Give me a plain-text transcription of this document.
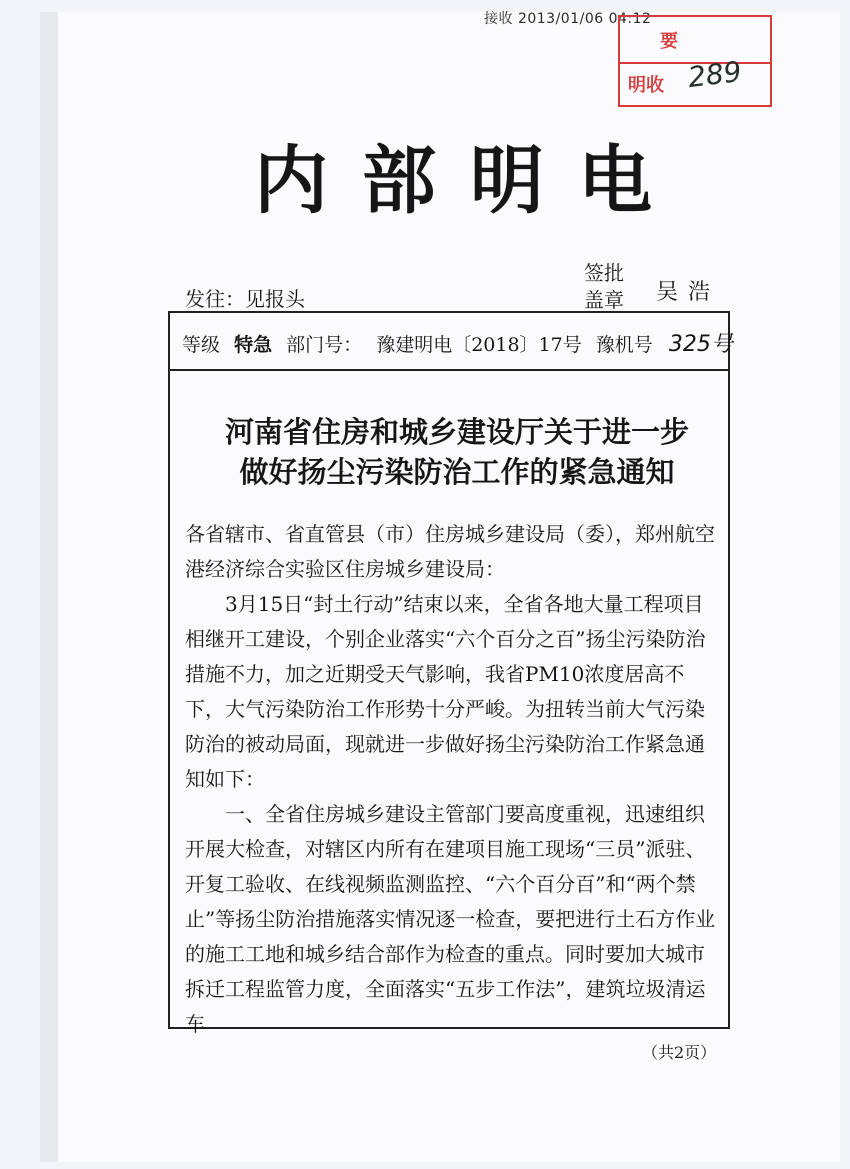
接收 2013/01/06 04:12
要
明收 289
内部明电
发往：见报头
签批 盖章 吴浩
等级 特急 部门号： 豫建明电〔2018〕17号 豫机号 325号
河南省住房和城乡建设厅关于进一步
做好扬尘污染防治工作的紧急通知

各省辖市、省直管县（市）住房城乡建设局（委），郑州航空港经济综合实验区住房城乡建设局：

3月15日“封土行动”结束以来，全省各地大量工程项目相继开工建设，个别企业落实“六个百分之百”扬尘污染防治措施不力，加之近期受天气影响，我省PM10浓度居高不下，大气污染防治工作形势十分严峻。为扭转当前大气污染防治的被动局面，现就进一步做好扬尘污染防治工作紧急通知如下：

一、全省住房城乡建设主管部门要高度重视，迅速组织开展大检查，对辖区内所有在建项目施工现场“三员”派驻、开复工验收、在线视频监测监控、“六个百分百”和“两个禁止”等扬尘防治措施落实情况逐一检查，要把进行土石方作业的施工工地和城乡结合部作为检查的重点。同时要加大城市拆迁工程监管力度，全面落实“五步工作法”，建筑垃圾清运车

（共2页）
